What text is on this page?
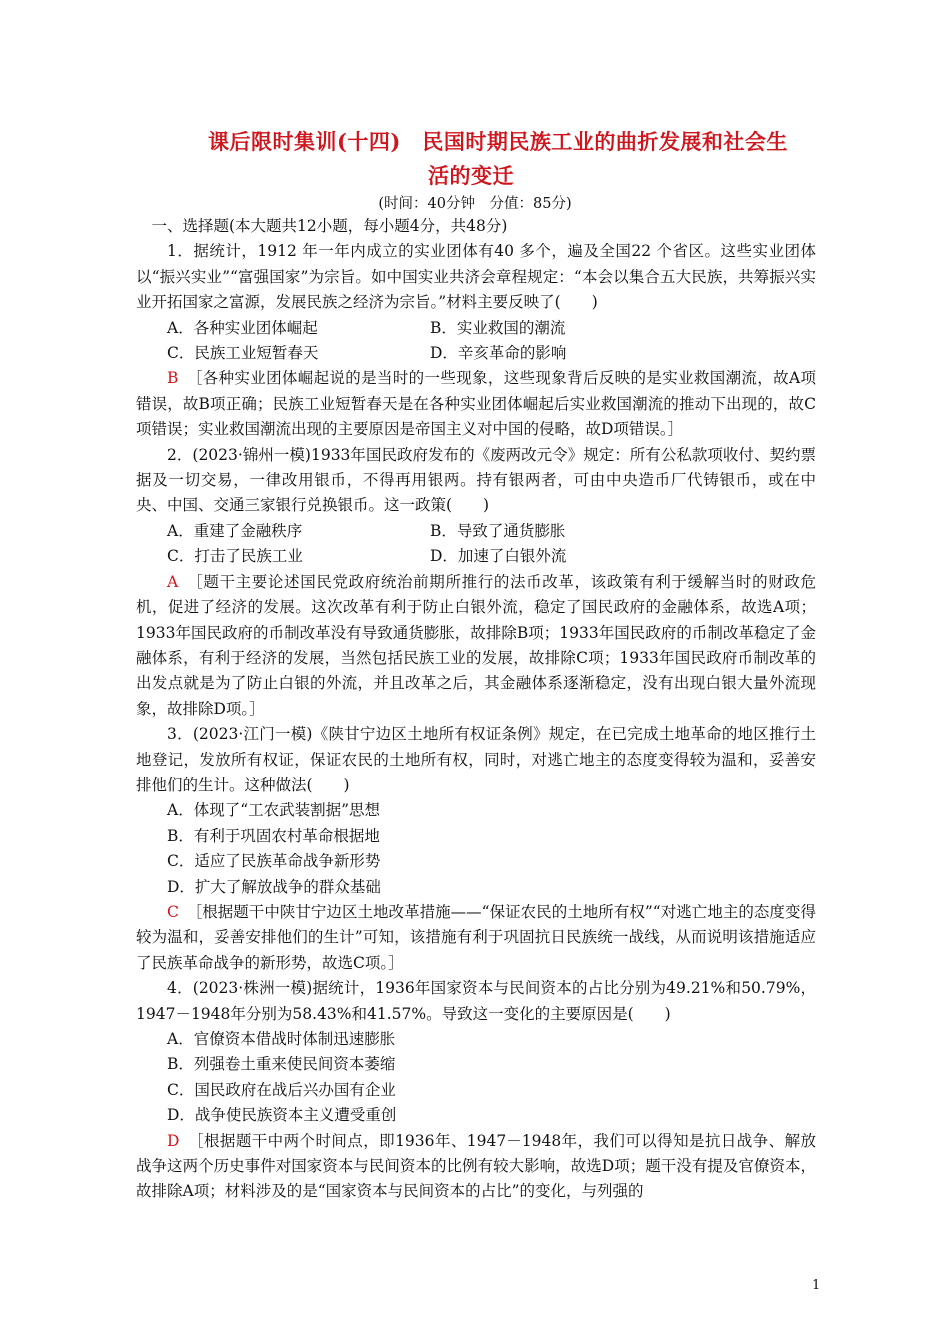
课后限时集训(十四)　民国时期民族工业的曲折发展和社会生
活的变迁
(时间：40分钟　分值：85分)

一、选择题(本大题共12小题，每小题4分，共48分)

1．据统计，1912 年一年内成立的实业团体有40 多个，遍及全国22 个省区。这些实业团体以“振兴实业”“富强国家”为宗旨。如中国实业共济会章程规定：“本会以集合五大民族，共筹振兴实业开拓国家之富源，发展民族之经济为宗旨。”材料主要反映了(　　)

A．各种实业团体崛起	B．实业救国的潮流
C．民族工业短暂春天	D．辛亥革命的影响

B　 ［各种实业团体崛起说的是当时的一些现象，这些现象背后反映的是实业救国潮流，故A项错误，故B项正确；民族工业短暂春天是在各种实业团体崛起后实业救国潮流的推动下出现的，故C项错误；实业救国潮流出现的主要原因是帝国主义对中国的侵略，故D项错误。］

2．(2023·锦州一模)1933年国民政府发布的《废两改元令》规定：所有公私款项收付、契约票据及一切交易，一律改用银币，不得再用银两。持有银两者，可由中央造币厂代铸银币，或在中央、中国、交通三家银行兑换银币。这一政策(　　)

A．重建了金融秩序	B．导致了通货膨胀
C．打击了民族工业	D．加速了白银外流

A　 ［题干主要论述国民党政府统治前期所推行的法币改革，该政策有利于缓解当时的财政危机，促进了经济的发展。这次改革有利于防止白银外流，稳定了国民政府的金融体系，故选A项；1933年国民政府的币制改革没有导致通货膨胀，故排除B项；1933年国民政府的币制改革稳定了金融体系，有利于经济的发展，当然包括民族工业的发展，故排除C项；1933年国民政府币制改革的出发点就是为了防止白银的外流，并且改革之后，其金融体系逐渐稳定，没有出现白银大量外流现象，故排除D项。］

3．(2023·江门一模)《陕甘宁边区土地所有权证条例》规定，在已完成土地革命的地区推行土地登记，发放所有权证，保证农民的土地所有权，同时，对逃亡地主的态度变得较为温和，妥善安排他们的生计。这种做法(　　)

A．体现了“工农武装割据”思想

B．有利于巩固农村革命根据地

C．适应了民族革命战争新形势

D．扩大了解放战争的群众基础

C　 ［根据题干中陕甘宁边区土地改革措施——“保证农民的土地所有权”“对逃亡地主的态度变得较为温和，妥善安排他们的生计”可知，该措施有利于巩固抗日民族统一战线，从而说明该措施适应了民族革命战争的新形势，故选C项。］

4．(2023·株洲一模)据统计，1936年国家资本与民间资本的占比分别为49.21%和50.79%，1947－1948年分别为58.43%和41.57%。导致这一变化的主要原因是(　　)

A．官僚资本借战时体制迅速膨胀

B．列强卷土重来使民间资本萎缩

C．国民政府在战后兴办国有企业

D．战争使民族资本主义遭受重创

D　 ［根据题干中两个时间点，即1936年、1947－1948年，我们可以得知是抗日战争、解放战争这两个历史事件对国家资本与民间资本的比例有较大影响，故选D项；题干没有提及官僚资本，故排除A项；材料涉及的是“国家资本与民间资本的占比”的变化，与列强的

1
